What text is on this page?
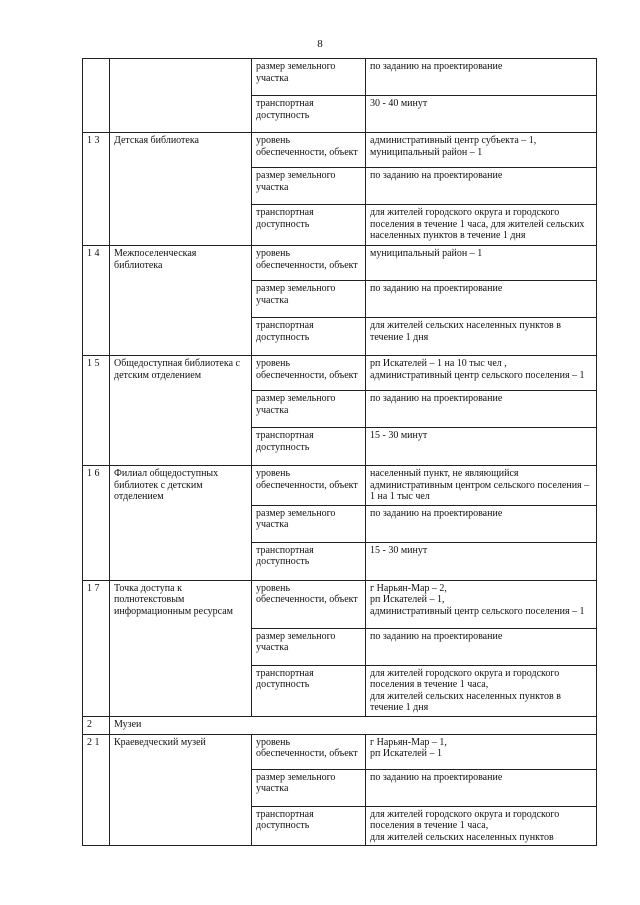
8
		размер земельного участка	по заданию на проектирование
		транспортная доступность	30 - 40 минут
1 3	Детская библиотека	уровень обеспеченности, объект	административный центр субъекта – 1,
муниципальный район – 1
		размер земельного участка	по заданию на проектирование
		транспортная доступность	для жителей городского округа и городского поселения в течение 1 часа, для жителей сельских населенных пунктов в течение 1 дня
1 4	Межпоселенческая библиотека	уровень обеспеченности, объект	муниципальный район – 1
		размер земельного участка	по заданию на проектирование
		транспортная доступность	для жителей сельских населенных пунктов в течение 1 дня
1 5	Общедоступная библиотека с детским отделением	уровень обеспеченности, объект	рп Искателей – 1 на 10 тыс чел ,
административный центр сельского поселения – 1
		размер земельного участка	по заданию на проектирование
		транспортная доступность	15 - 30 минут
1 6	Филиал общедоступных библиотек с детским отделением	уровень обеспеченности, объект	населенный пункт, не являющийся административным центром сельского поселения – 1 на 1 тыс чел
		размер земельного участка	по заданию на проектирование
		транспортная доступность	15 - 30 минут
1 7	Точка доступа к полнотекстовым информационным ресурсам	уровень обеспеченности, объект	г Нарьян-Мар – 2,
рп Искателей – 1,
административный центр сельского поселения – 1
		размер земельного участка	по заданию на проектирование
		транспортная доступность	для жителей городского округа и городского поселения в течение 1 часа,
для жителей сельских населенных пунктов в течение 1 дня
2	Музеи		
2 1	Краеведческий музей	уровень обеспеченности, объект	г Нарьян-Мар – 1,
рп Искателей – 1
		размер земельного участка	по заданию на проектирование
		транспортная доступность	для жителей городского округа и городского поселения в течение 1 часа,
для жителей сельских населенных пунктов
